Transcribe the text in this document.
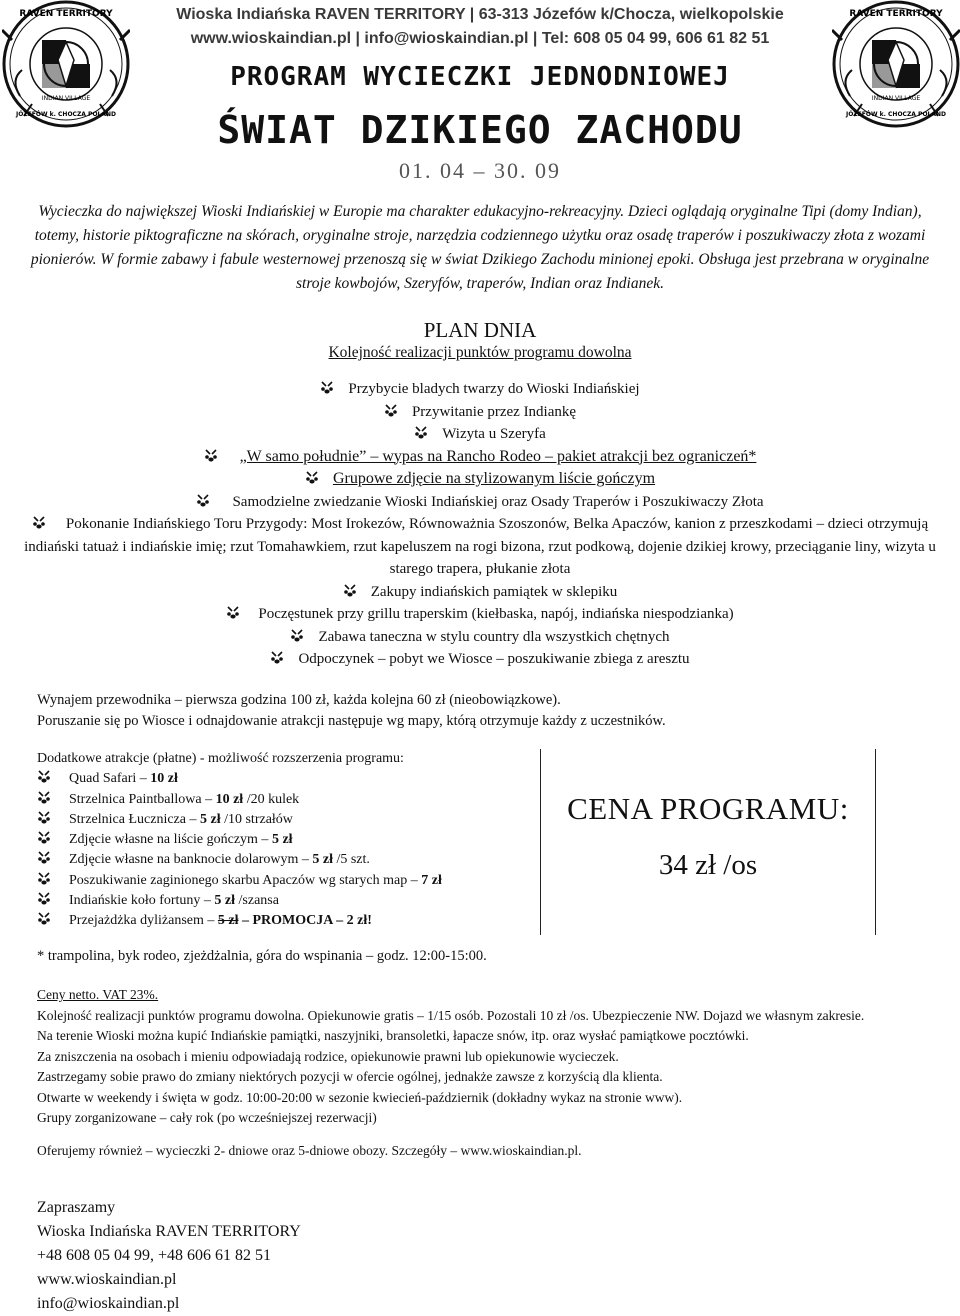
RAVEN TERRITORY
INDIAN VILLAGE
JÓZEFÓW k. CHOCZA POLAND
RAVEN TERRITORY
INDIAN VILLAGE
JÓZEFÓW k. CHOCZA POLAND
Wioska Indiańska RAVEN TERRITORY | 63-313 Józefów k/Chocza, wielkopolskie
www.wioskaindian.pl | info@wioskaindian.pl | Tel: 608 05 04 99, 606 61 82 51
PROGRAM WYCIECZKI JEDNODNIOWEJ
ŚWIAT DZIKIEGO ZACHODU
01. 04 – 30. 09
Wycieczka do największej Wioski Indiańskiej w Europie ma charakter edukacyjno-rekreacyjny. Dzieci oglądają oryginalne Tipi (domy Indian), totemy, historie piktograficzne na skórach, oryginalne stroje, narzędzia codziennego użytku oraz osadę traperów i poszukiwaczy złota z wozami pionierów. W formie zabawy i fabule westernowej przenoszą się w świat Dzikiego Zachodu minionej epoki. Obsługa jest przebrana w oryginalne stroje kowbojów, Szeryfów, traperów, Indian oraz Indianek.
PLAN DNIA
Kolejność realizacji punktów programu dowolna
Przybycie bladych twarzy do Wioski Indiańskiej
Przywitanie przez Indiankę
Wizyta u Szeryfa
„W samo południe” – wypas na Rancho Rodeo – pakiet atrakcji bez ograniczeń*
Grupowe zdjęcie na stylizowanym liście gończym
Samodzielne zwiedzanie Wioski Indiańskiej oraz Osady Traperów i Poszukiwaczy Złota
Pokonanie Indiańskiego Toru Przygody: Most Irokezów, Równoważnia Szoszonów, Belka Apaczów, kanion z przeszkodami – dzieci otrzymują indiański tatuaż i indiańskie imię; rzut Tomahawkiem, rzut kapeluszem na rogi bizona, rzut podkową, dojenie dzikiej krowy, przeciąganie liny, wizyta u starego trapera, płukanie złota
Zakupy indiańskich pamiątek w sklepiku
Poczęstunek przy grillu traperskim (kiełbaska, napój, indiańska niespodzianka)
Zabawa taneczna w stylu country dla wszystkich chętnych
Odpoczynek – pobyt we Wiosce – poszukiwanie zbiega z aresztu
Wynajem przewodnika – pierwsza godzina 100 zł, każda kolejna 60 zł (nieobowiązkowe).
Poruszanie się po Wiosce i odnajdowanie atrakcji następuje wg mapy, którą otrzymuje każdy z uczestników.
Dodatkowe atrakcje (płatne) - możliwość rozszerzenia programu:
Quad Safari – 10 zł
Strzelnica Paintballowa – 10 zł /20 kulek
Strzelnica Łucznicza – 5 zł /10 strzałów
Zdjęcie własne na liście gończym – 5 zł
Zdjęcie własne na banknocie dolarowym – 5 zł /5 szt.
Poszukiwanie zaginionego skarbu Apaczów wg starych map – 7 zł
Indiańskie koło fortuny – 5 zł /szansa
Przejażdżka dyliżansem – 5 zł – PROMOCJA – 2 zł!
CENA PROGRAMU:
34 zł /os
* trampolina, byk rodeo, zjeżdżalnia, góra do wspinania – godz. 12:00-15:00.
Ceny netto. VAT 23%.
Kolejność realizacji punktów programu dowolna. Opiekunowie gratis – 1/15 osób. Pozostali 10 zł /os. Ubezpieczenie NW. Dojazd we własnym zakresie.
Na terenie Wioski można kupić Indiańskie pamiątki, naszyjniki, bransoletki, łapacze snów, itp. oraz wysłać pamiątkowe pocztówki.
Za zniszczenia na osobach i mieniu odpowiadają rodzice, opiekunowie prawni lub opiekunowie wycieczek.
Zastrzegamy sobie prawo do zmiany niektórych pozycji w ofercie ogólnej, jednakże zawsze z korzyścią dla klienta.
Otwarte w weekendy i święta w godz. 10:00-20:00 w sezonie kwiecień-październik (dokładny wykaz na stronie www).
Grupy zorganizowane – cały rok (po wcześniejszej rezerwacji)
Oferujemy również – wycieczki 2- dniowe oraz 5-dniowe obozy. Szczegóły – www.wioskaindian.pl.
Zapraszamy
Wioska Indiańska RAVEN TERRITORY
+48 608 05 04 99, +48 606 61 82 51
www.wioskaindian.pl
info@wioskaindian.pl
